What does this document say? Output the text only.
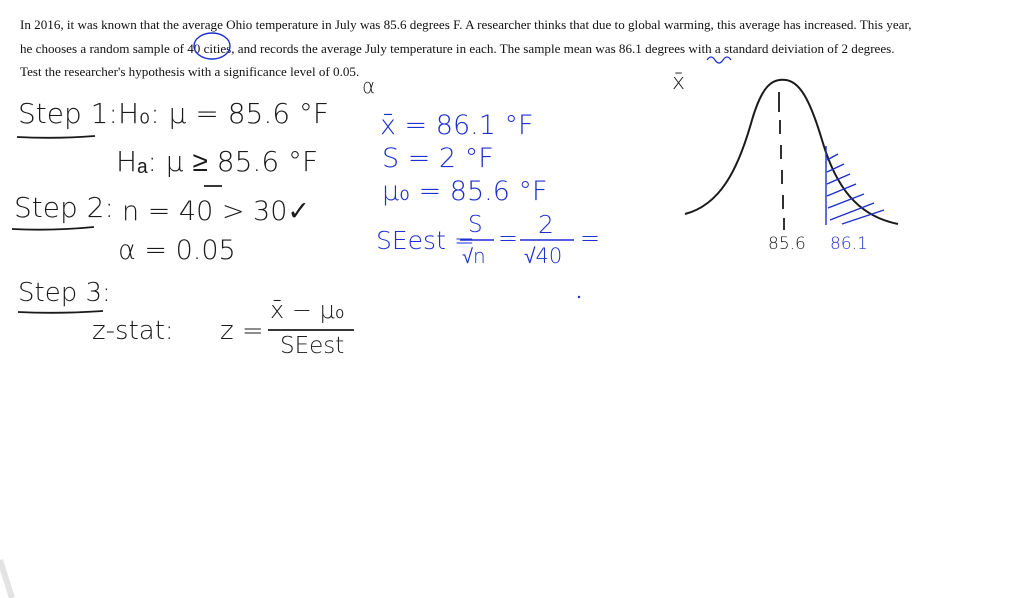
In 2016, it was known that the average Ohio temperature in July was 85.6 degrees F. A researcher thinks that due to global warming, this average has increased. This year,
he chooses a random sample of 40 cities, and records the average July temperature in each. The sample mean was 86.1 degrees with a standard deiviation of 2 degrees.
Test the researcher's hypothesis with a significance level of 0.05.
α	x̄
Step 1: H₀: μ = 85.6 °F
Hₐ: μ ≥ 85.6 °F
Step 2: n = 40 > 30✓
α = 0.05
Step 3:
z-stat: z =
x̄ − μ₀
SEest
x̄ = 86.1 °F
S = 2 °F
μ₀ = 85.6 °F
SEest =
S
√n
= 2
√40
=	85.6 86.1
